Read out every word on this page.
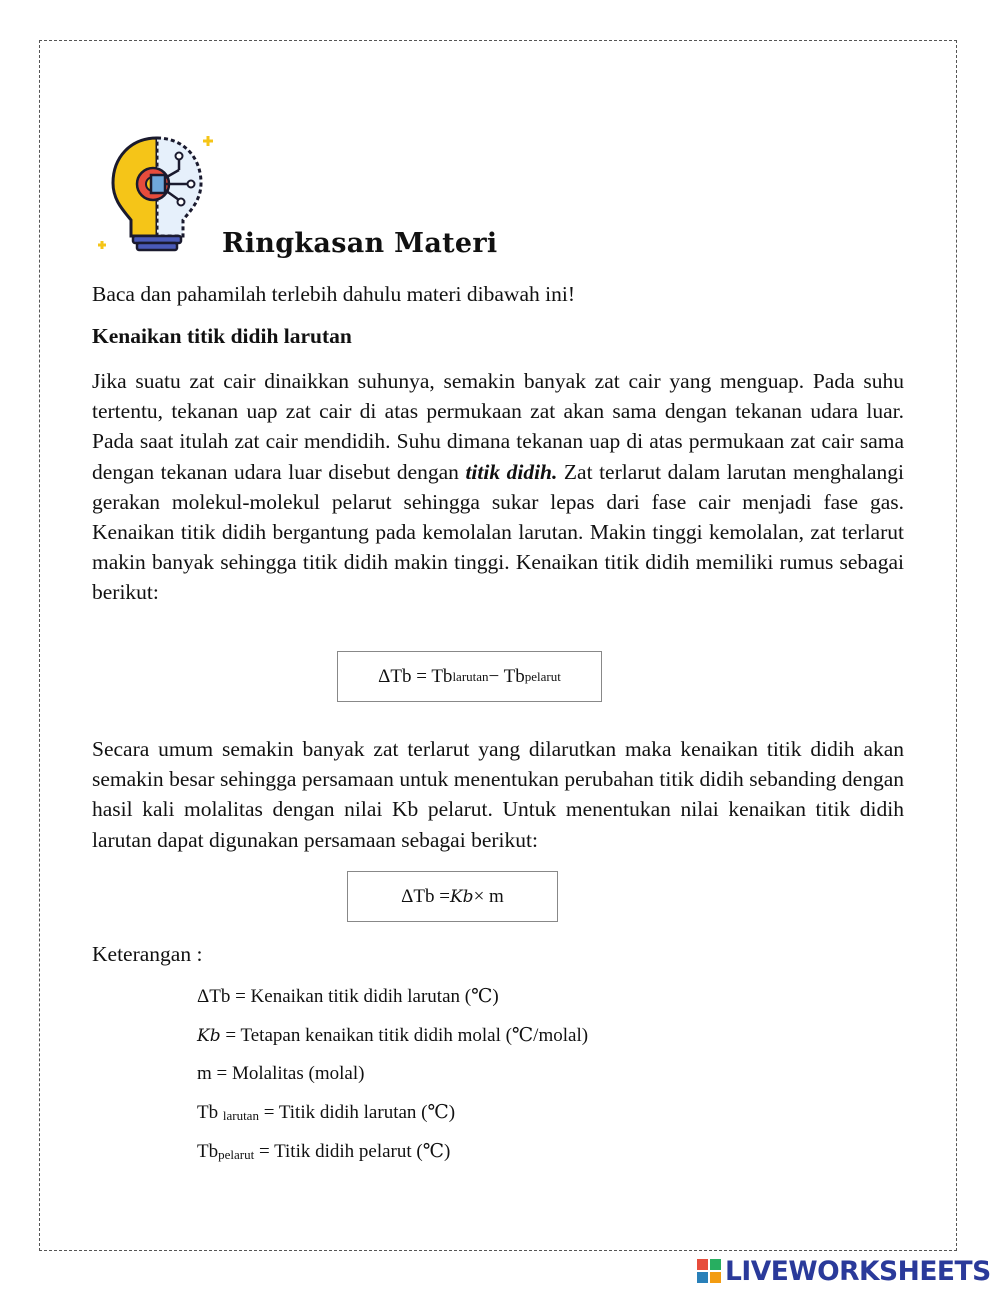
Ringkasan Materi
Baca dan pahamilah terlebih dahulu materi dibawah ini!
Kenaikan titik didih larutan

Jika suatu zat cair dinaikkan suhunya, semakin banyak zat cair yang menguap. Pada suhu tertentu, tekanan uap zat cair di atas permukaan zat akan sama dengan tekanan udara luar. Pada saat itulah zat cair mendidih. Suhu dimana tekanan uap di atas permukaan zat cair sama dengan tekanan udara luar disebut dengan titik didih. Zat terlarut dalam larutan menghalangi gerakan molekul-molekul pelarut sehingga sukar lepas dari fase cair menjadi fase gas. Kenaikan titik didih bergantung pada kemolalan larutan. Makin tinggi kemolalan, zat terlarut makin banyak sehingga titik didih makin tinggi. Kenaikan titik didih memiliki rumus sebagai berikut:

ΔTb = Tb larutan − Tb pelarut

Secara umum semakin banyak zat terlarut yang dilarutkan maka kenaikan titik didih akan semakin besar sehingga persamaan untuk menentukan perubahan titik didih sebanding dengan hasil kali molalitas dengan nilai Kb pelarut. Untuk menentukan nilai kenaikan titik didih larutan dapat digunakan persamaan sebagai berikut:

ΔTb = Kb × m
Keterangan :
ΔTb = Kenaikan titik didih larutan (℃)
Kb = Tetapan kenaikan titik didih molal (℃/molal)
m = Molalitas (molal)
Tb $_{larutan}$ = Titik didih larutan (℃)
$Tb_{pelarut}$ = Titik didih pelarut (℃)
LIVEWORKSHEETS
